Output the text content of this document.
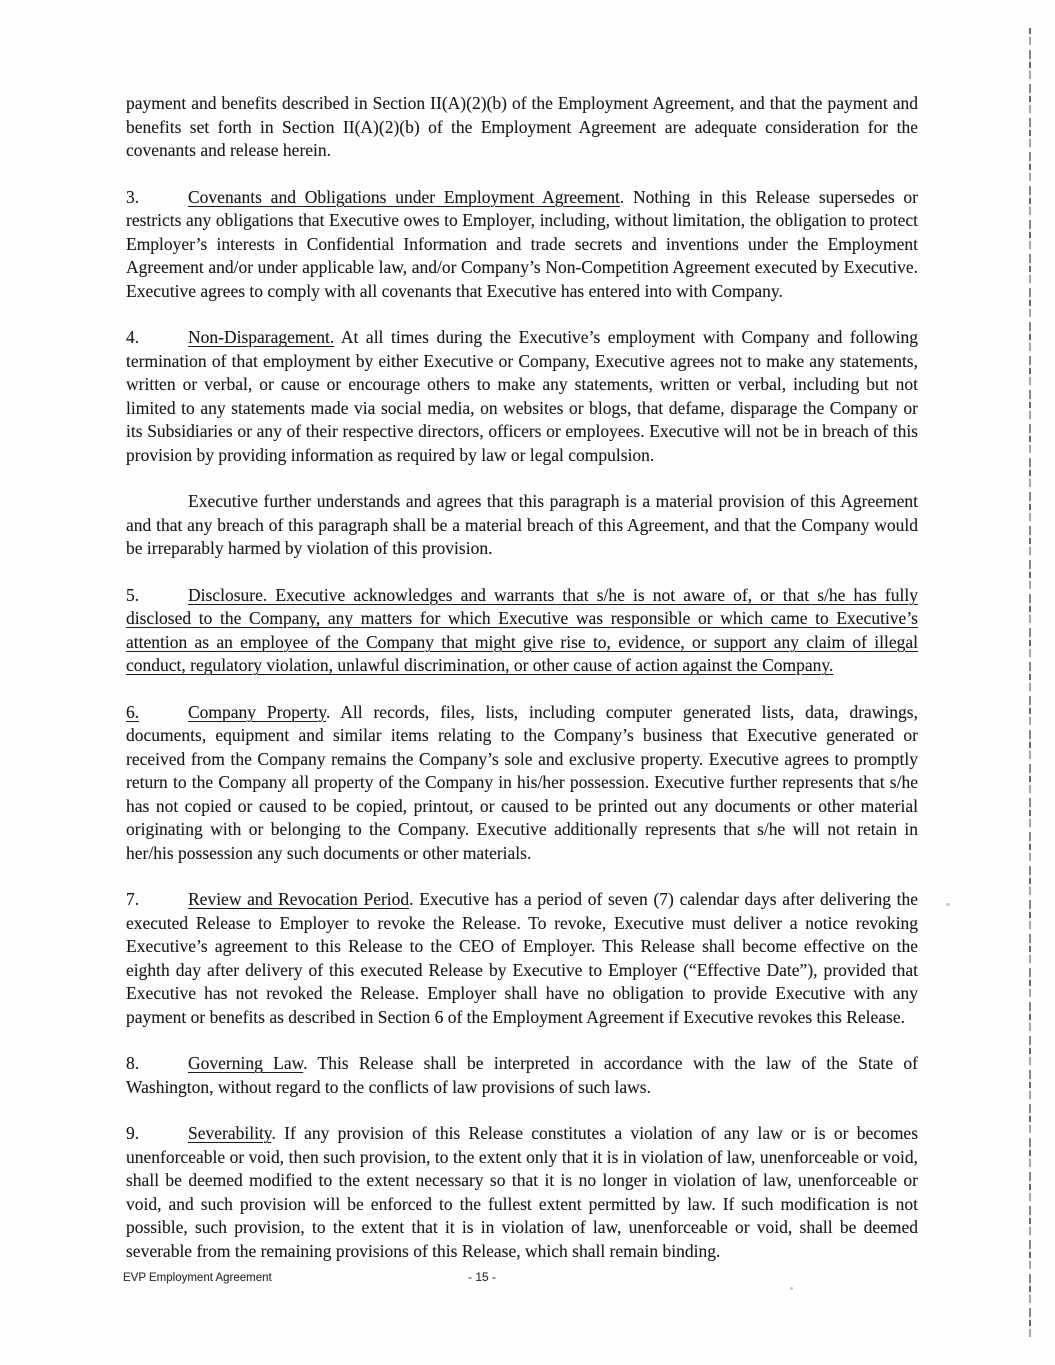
payment and benefits described in Section II(A)(2)(b) of the Employment Agreement, and that the payment and benefits set forth in Section II(A)(2)(b) of the Employment Agreement are adequate consideration for the covenants and release herein.

3.	Covenants and Obligations under Employment Agreement. Nothing in this Release supersedes or restricts any obligations that Executive owes to Employer, including, without limitation, the obligation to protect Employer’s interests in Confidential Information and trade secrets and inventions under the Employment Agreement and/or under applicable law, and/or Company’s Non-Competition Agreement executed by Executive. Executive agrees to comply with all covenants that Executive has entered into with Company.

4.	Non-Disparagement. At all times during the Executive’s employment with Company and following termination of that employment by either Executive or Company, Executive agrees not to make any statements, written or verbal, or cause or encourage others to make any statements, written or verbal, including but not limited to any statements made via social media, on websites or blogs, that defame, disparage the Company or its Subsidiaries or any of their respective directors, officers or employees. Executive will not be in breach of this provision by providing information as required by law or legal compulsion.

Executive further understands and agrees that this paragraph is a material provision of this Agreement and that any breach of this paragraph shall be a material breach of this Agreement, and that the Company would be irreparably harmed by violation of this provision.

5.	Disclosure. Executive acknowledges and warrants that s/he is not aware of, or that s/he has fully disclosed to the Company, any matters for which Executive was responsible or which came to Executive’s attention as an employee of the Company that might give rise to, evidence, or support any claim of illegal conduct, regulatory violation, unlawful discrimination, or other cause of action against the Company.

6.	Company Property. All records, files, lists, including computer generated lists, data, drawings, documents, equipment and similar items relating to the Company’s business that Executive generated or received from the Company remains the Company’s sole and exclusive property. Executive agrees to promptly return to the Company all property of the Company in his/her possession. Executive further represents that s/he has not copied or caused to be copied, printout, or caused to be printed out any documents or other material originating with or belonging to the Company. Executive additionally represents that s/he will not retain in her/his possession any such documents or other materials.

7.	Review and Revocation Period. Executive has a period of seven (7) calendar days after delivering the executed Release to Employer to revoke the Release. To revoke, Executive must deliver a notice revoking Executive’s agreement to this Release to the CEO of Employer. This Release shall become effective on the eighth day after delivery of this executed Release by Executive to Employer (“Effective Date”), provided that Executive has not revoked the Release. Employer shall have no obligation to provide Executive with any payment or benefits as described in Section 6 of the Employment Agreement if Executive revokes this Release.

8.	Governing Law. This Release shall be interpreted in accordance with the law of the State of Washington, without regard to the conflicts of law provisions of such laws.

9.	Severability. If any provision of this Release constitutes a violation of any law or is or becomes unenforceable or void, then such provision, to the extent only that it is in violation of law, unenforceable or void, shall be deemed modified to the extent necessary so that it is no longer in violation of law, unenforceable or void, and such provision will be enforced to the fullest extent permitted by law. If such modification is not possible, such provision, to the extent that it is in violation of law, unenforceable or void, shall be deemed severable from the remaining provisions of this Release, which shall remain binding.

EVP Employment Agreement	- 15 -
